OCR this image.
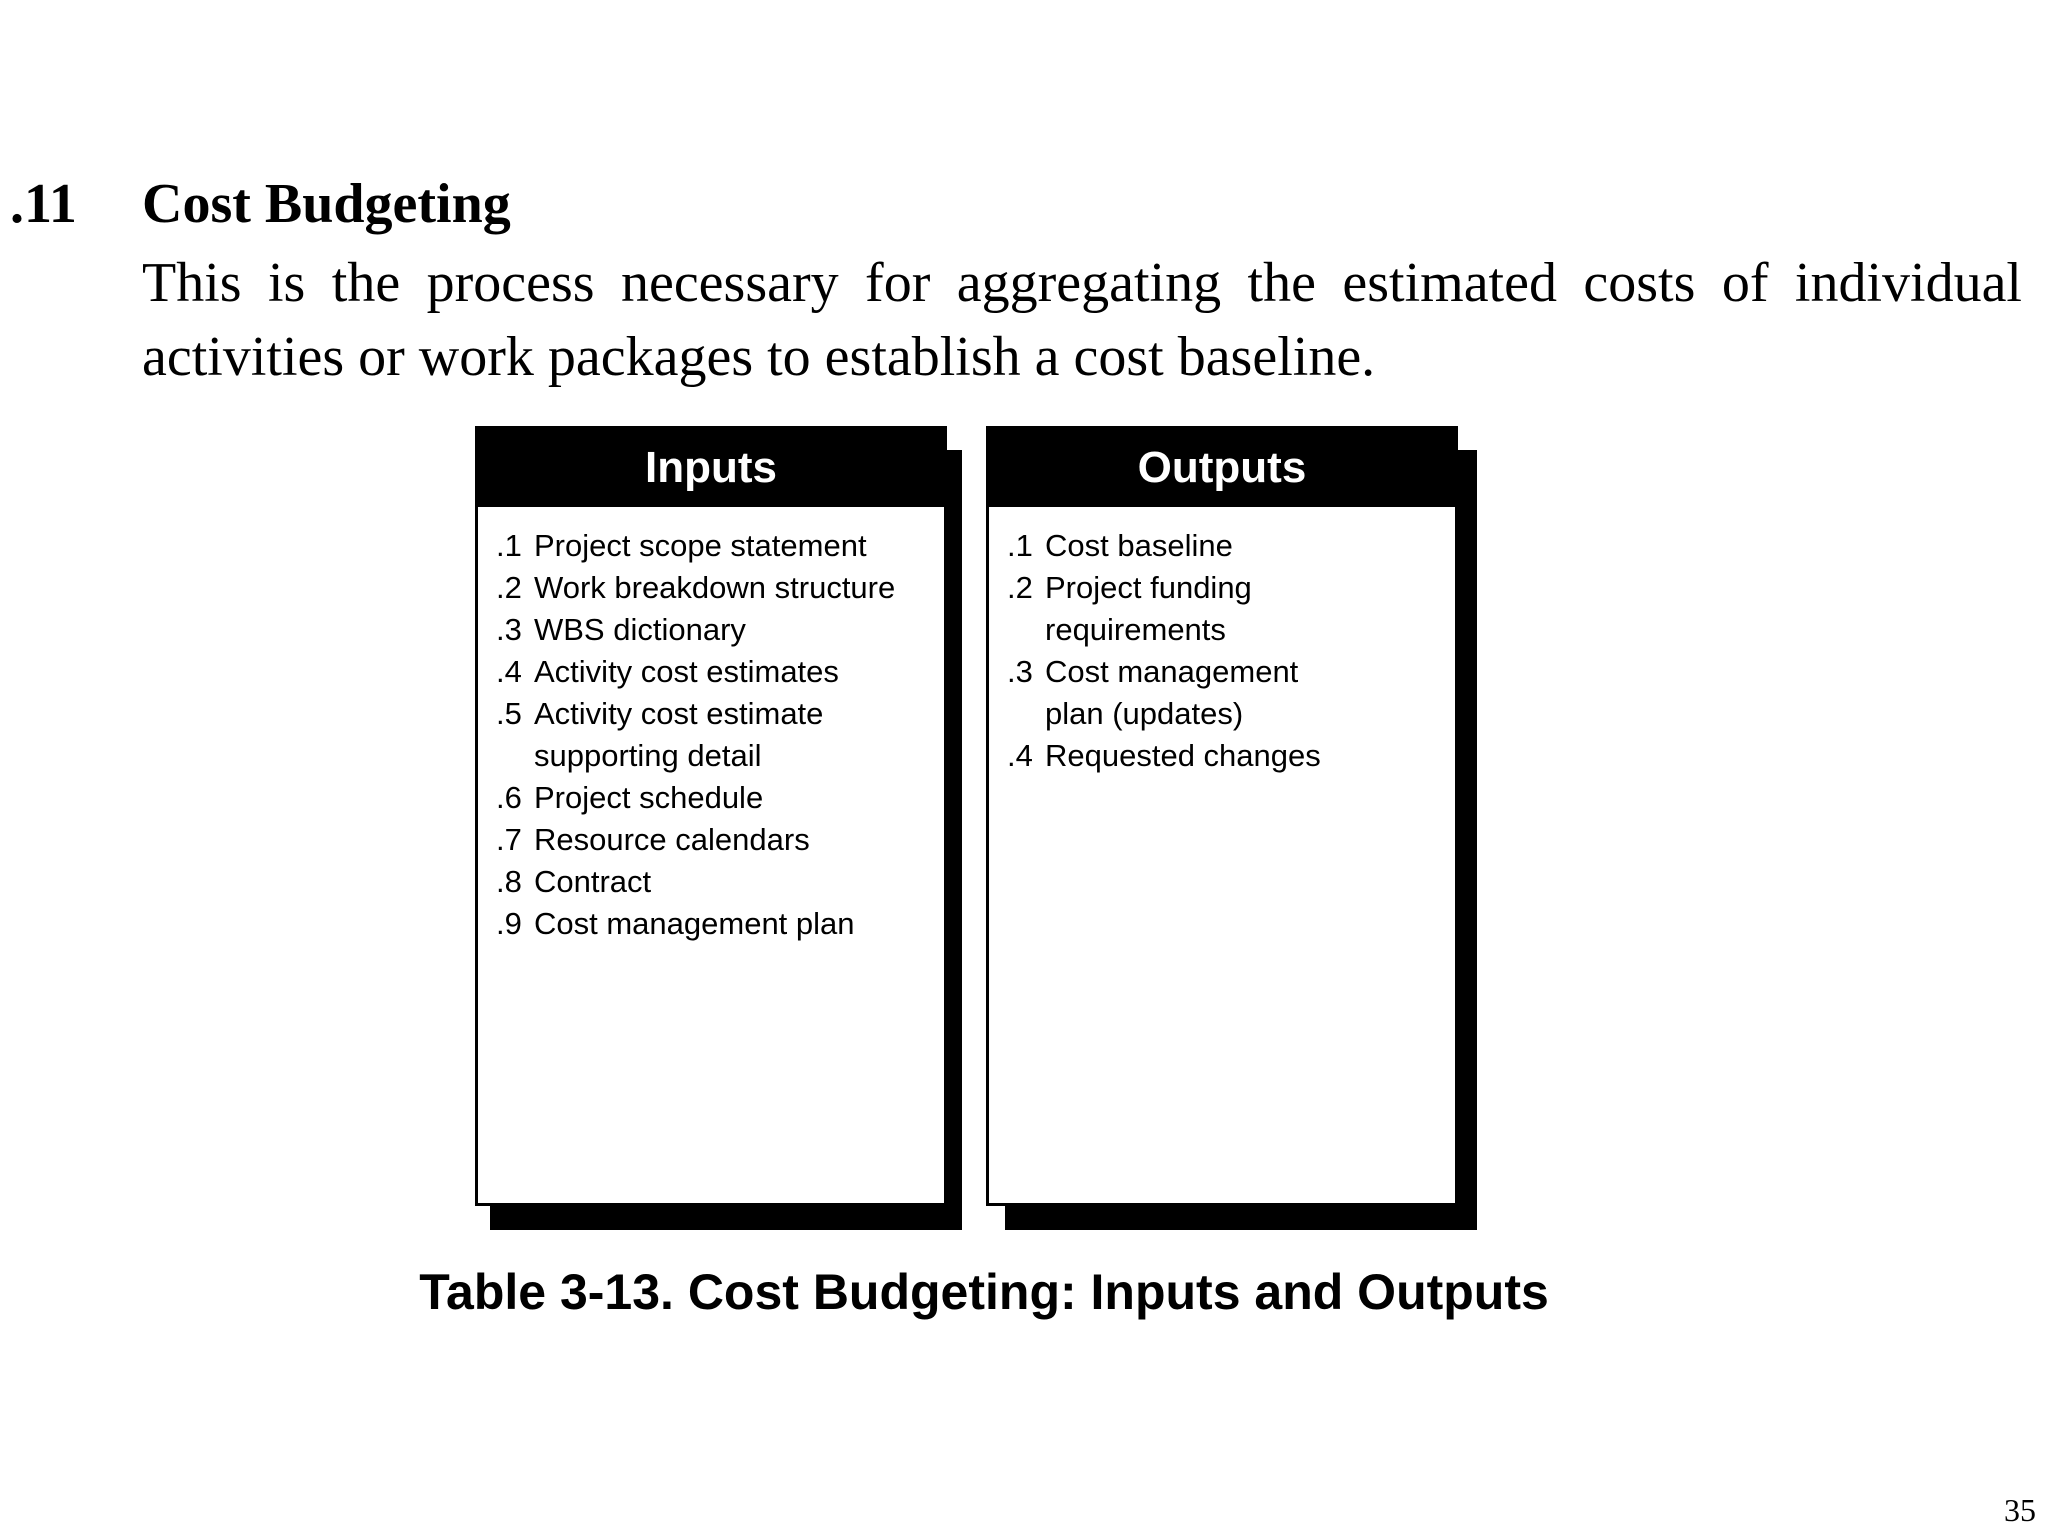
.11 Cost Budgeting
This is the process necessary for aggregating the estimated costs of individual activities or work packages to establish a cost baseline.
Inputs
.1 Project scope statement
.2 Work breakdown structure
.3 WBS dictionary
.4 Activity cost estimates
.5 Activity cost estimate supporting detail
.6 Project schedule
.7 Resource calendars
.8 Contract
.9 Cost management plan
Outputs
.1 Cost baseline
.2 Project funding requirements
.3 Cost management plan (updates)
.4 Requested changes
Table 3-13. Cost Budgeting: Inputs and Outputs
35
